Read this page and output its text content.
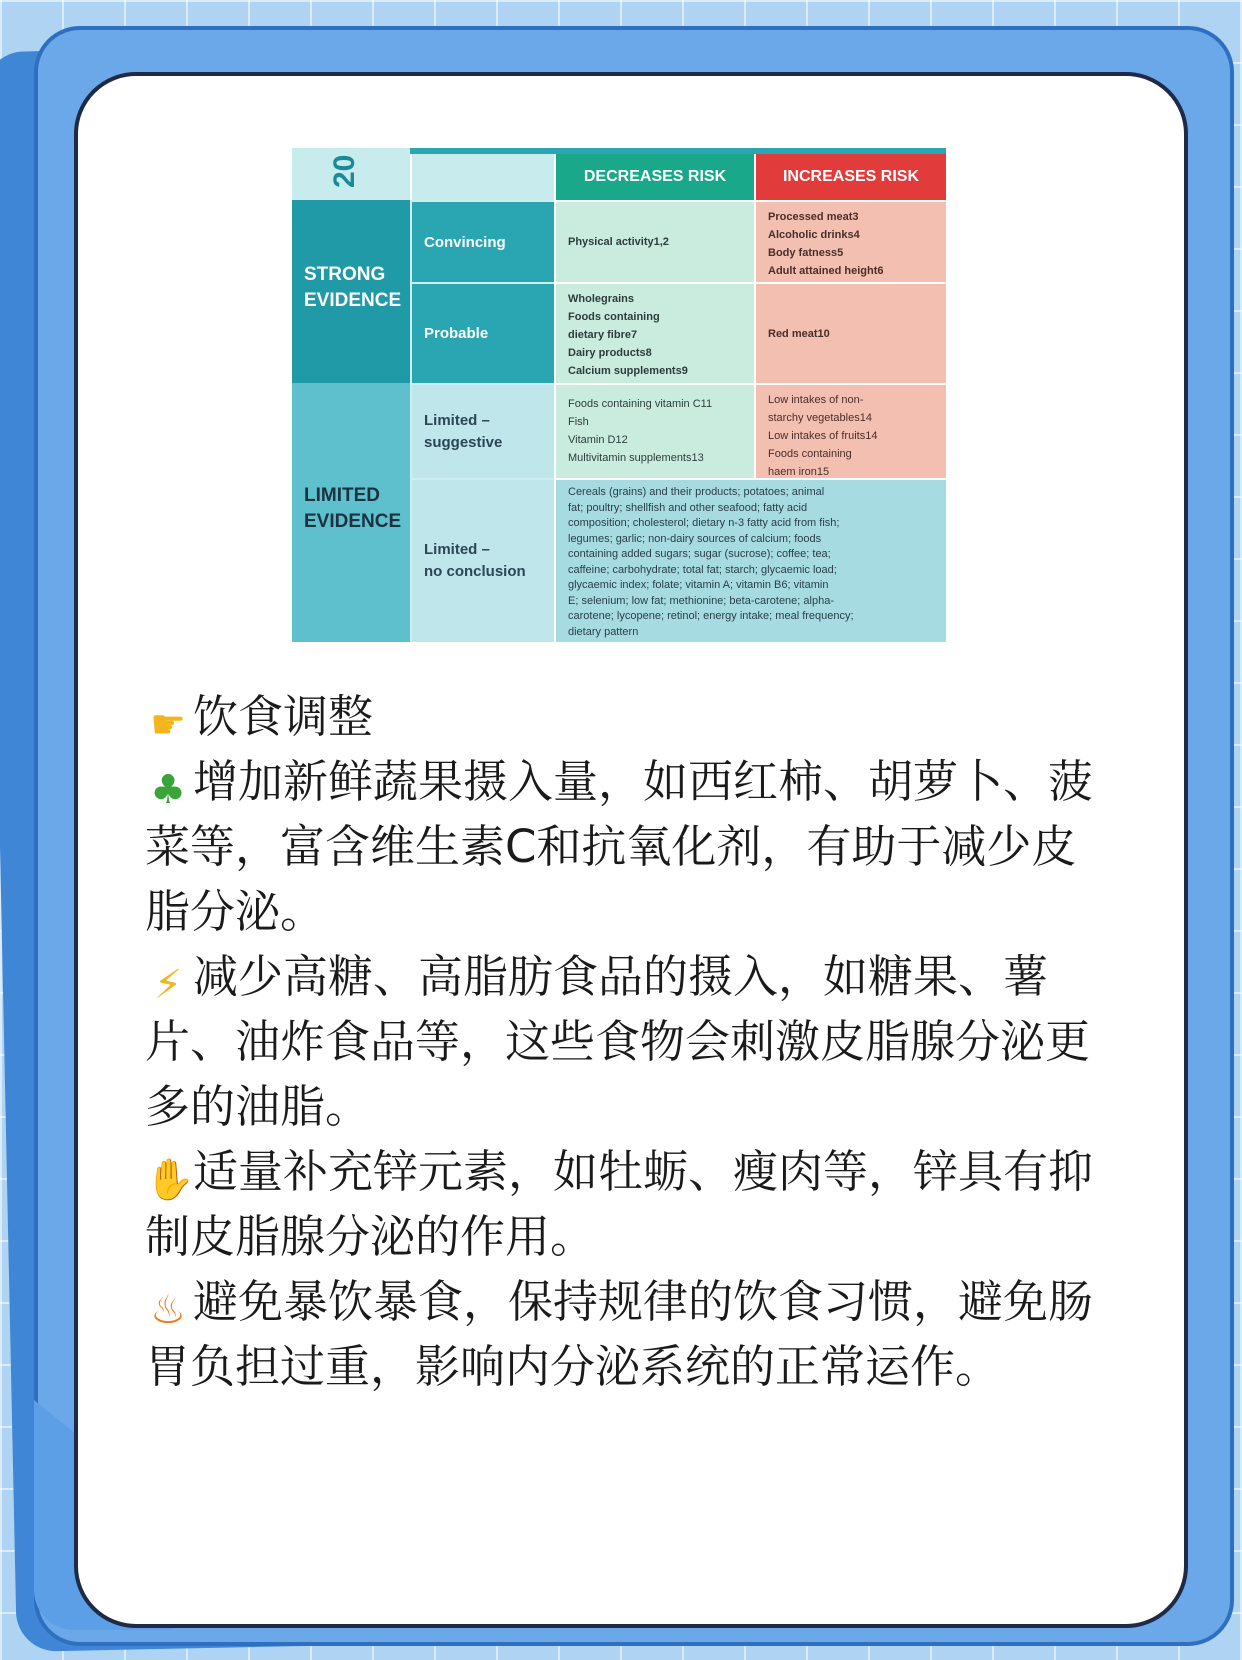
20	DECREASES RISK	INCREASES RISK
STRONG
EVIDENCE
LIMITED
EVIDENCE
Convincing
Probable
Limited –
suggestive
Limited –
no conclusion
Physical activity1,2
Processed meat3
Alcoholic drinks4
Body fatness5
Adult attained height6
Wholegrains
Foods containing
dietary fibre7
Dairy products8
Calcium supplements9
Red meat10
Foods containing vitamin C11
Fish
Vitamin D12
Multivitamin supplements13
Low intakes of non-
starchy vegetables14
Low intakes of fruits14
Foods containing
haem iron15
Cereals (grains) and their products; potatoes; animal
fat; poultry; shellfish and other seafood; fatty acid
composition; cholesterol; dietary n-3 fatty acid from fish;
legumes; garlic; non-dairy sources of calcium; foods
containing added sugars; sugar (sucrose); coffee; tea;
caffeine; carbohydrate; total fat; starch; glycaemic load;
glycaemic index; folate; vitamin A; vitamin B6; vitamin
E; selenium; low fat; methionine; beta-carotene; alpha-
carotene; lycopene; retinol; energy intake; meal frequency;
dietary pattern

☛ 饮食调整

♣ 增加新鲜蔬果摄入量，如西红柿、胡萝卜、菠菜等，富含维生素C和抗氧化剂，有助于减少皮脂分泌。

⚡ 减少高糖、高脂肪食品的摄入，如糖果、薯片、油炸食品等，这些食物会刺激皮脂腺分泌更多的油脂。

✋适量补充锌元素，如牡蛎、瘦肉等，锌具有抑制皮脂腺分泌的作用。

♨ 避免暴饮暴食，保持规律的饮食习惯，避免肠胃负担过重，影响内分泌系统的正常运作。
